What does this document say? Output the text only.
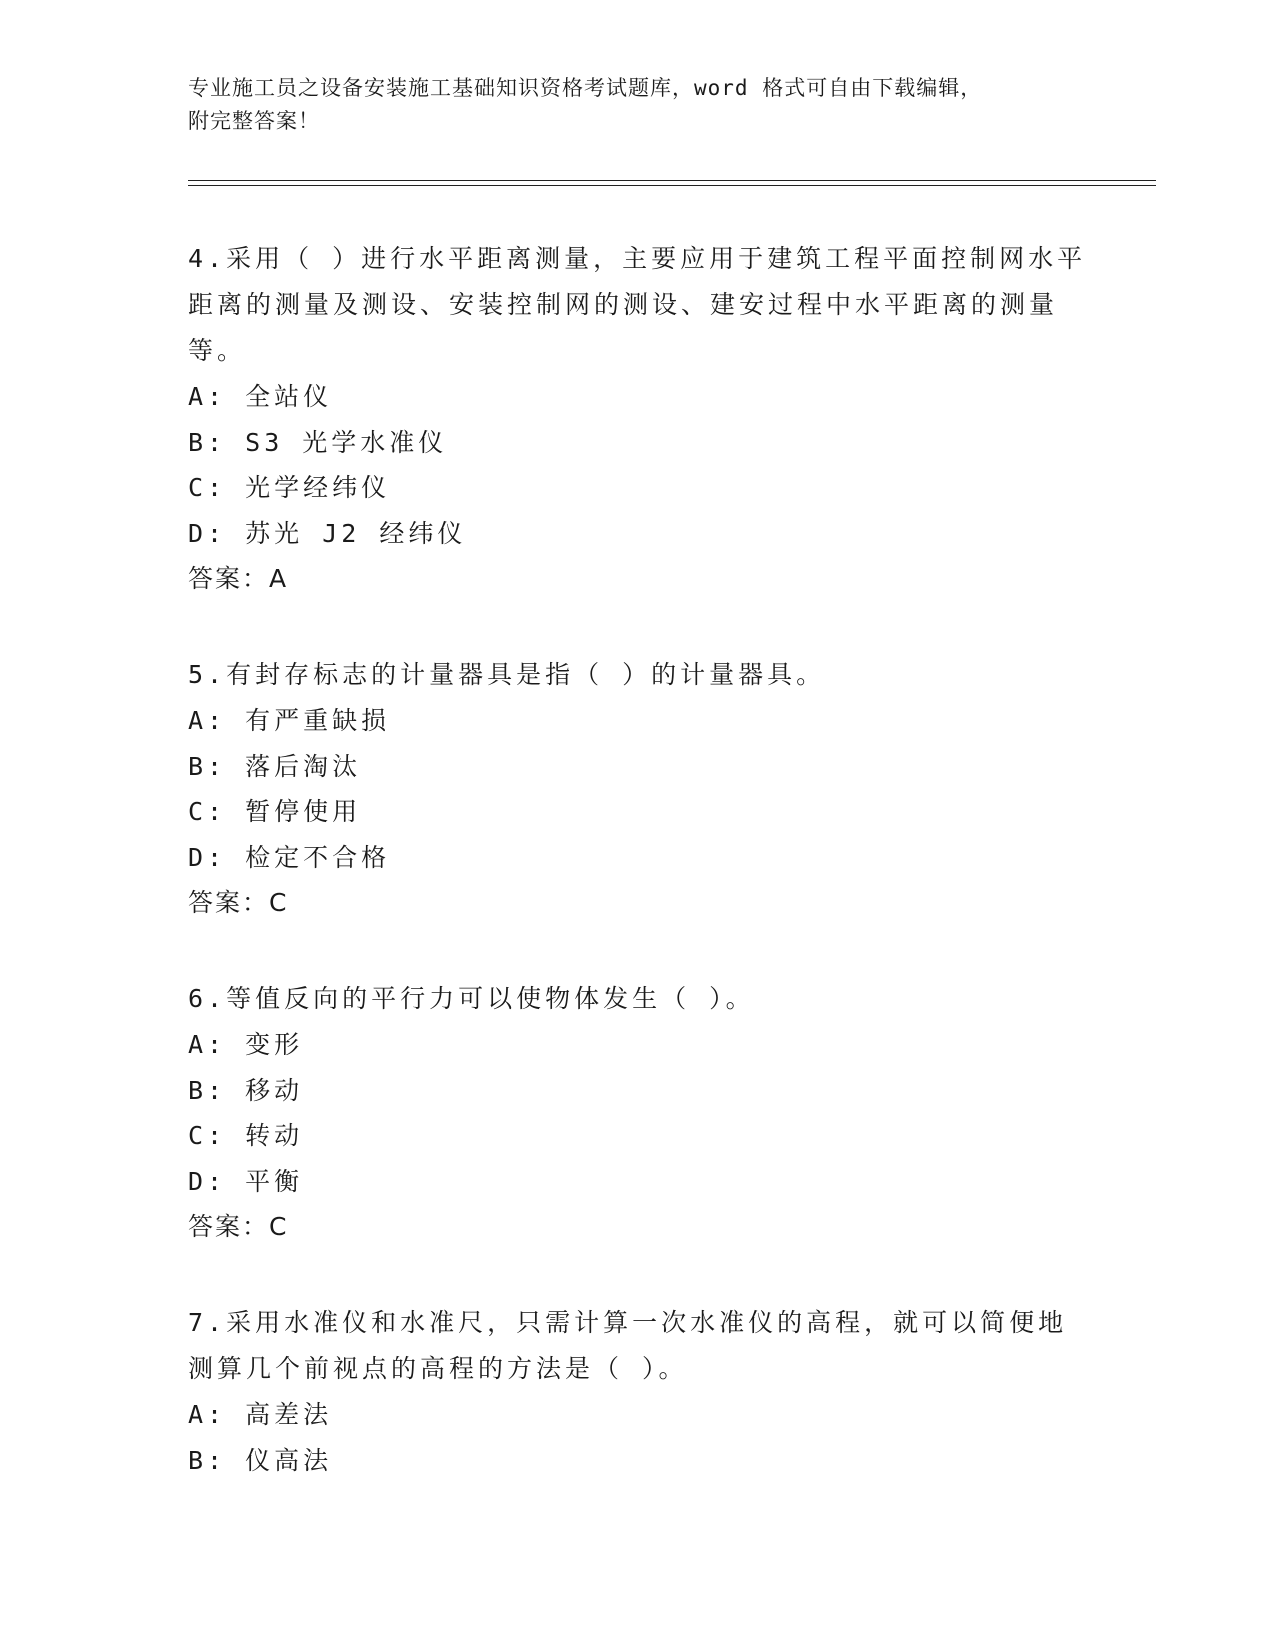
专业施工员之设备安装施工基础知识资格考试题库，word 格式可自由下载编辑，
附完整答案！
4.采用（ ）进行水平距离测量，主要应用于建筑工程平面控制网水平
距离的测量及测设、安装控制网的测设、建安过程中水平距离的测量
等。
A: 全站仪
B: S3 光学水准仪
C: 光学经纬仪
D: 苏光 J2 经纬仪
答案：A
5.有封存标志的计量器具是指（ ）的计量器具。
A: 有严重缺损
B: 落后淘汰
C: 暂停使用
D: 检定不合格
答案：C
6.等值反向的平行力可以使物体发生（ ）。
A: 变形
B: 移动
C: 转动
D: 平衡
答案：C
7.采用水准仪和水准尺，只需计算一次水准仪的高程，就可以简便地
测算几个前视点的高程的方法是（ ）。
A: 高差法
B: 仪高法
